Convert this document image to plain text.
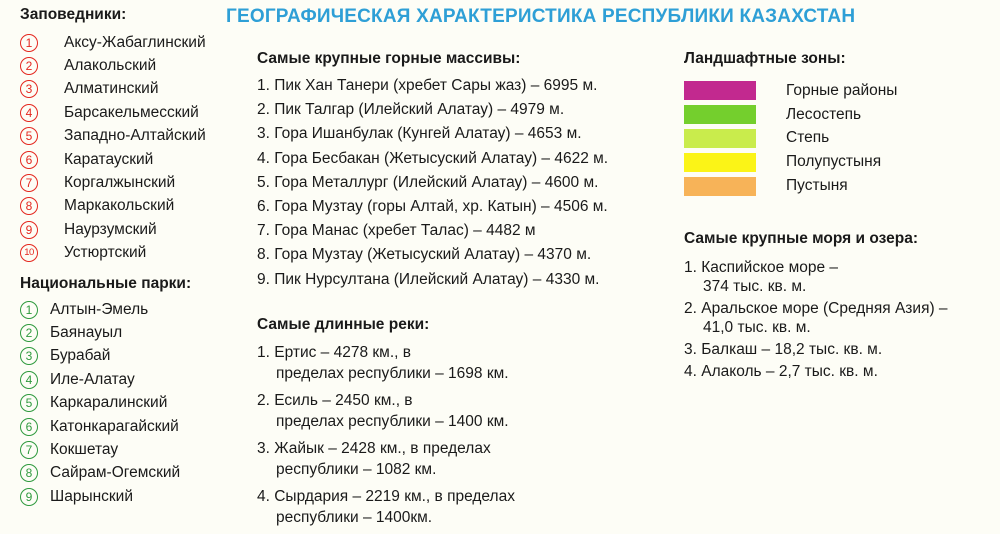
ГЕОГРАФИЧЕСКАЯ ХАРАКТЕРИСТИКА РЕСПУБЛИКИ КАЗАХСТАН
Заповедники:
1	Аксу-Жабаглинский
2	Алакольский
3	Алматинский
4	Барсакельмесский
5	Западно-Алтайский
6	Каратауский
7	Коргалжынский
8	Маркакольский
9	Наурзумский
10 Устюртский
Национальные парки:
1	Алтын-Эмель
2	Баянауыл
3	Бурабай
4	Иле-Алатау
5	Каркаралинский
6	Катонкарагайский
7	Кокшетау
8	Сайрам-Огемский
9	Шарынский
Самые крупные горные массивы:
1. Пик Хан Танери (хребет Сары жаз) – 6995 м.
2. Пик Талгар (Илейский Алатау) – 4979 м.
3. Гора Ишанбулак (Кунгей Алатау) – 4653 м.
4. Гора Бесбакан (Жетысуский Алатау) – 4622 м.
5. Гора Металлург (Илейский Алатау) – 4600 м.
6. Гора Музтау (горы Алтай, хр. Катын) – 4506 м.
7. Гора Манас (хребет Талас) – 4482 м
8. Гора Музтау (Жетысуский Алатау) – 4370 м.
9. Пик Нурсултана (Илейский Алатау) – 4330 м.
Самые длинные реки:
1. Ертис – 4278 км., в
пределах республики – 1698 км.
2. Есиль – 2450 км., в
пределах республики – 1400 км.
3. Жайык – 2428 км., в пределах
республики – 1082 км.
4. Сырдария – 2219 км., в пределах
республики – 1400км.
Ландшафтные зоны:
Горные районы
Лесостепь
Степь
Полупустыня
Пустыня
Самые крупные моря и озера:
1. Каспийское море –
374 тыс. кв. м.
2. Аральское море (Средняя Азия) –
41,0 тыс. кв. м.
3. Балкаш – 18,2 тыс. кв. м.
4. Алаколь – 2,7 тыс. кв. м.
